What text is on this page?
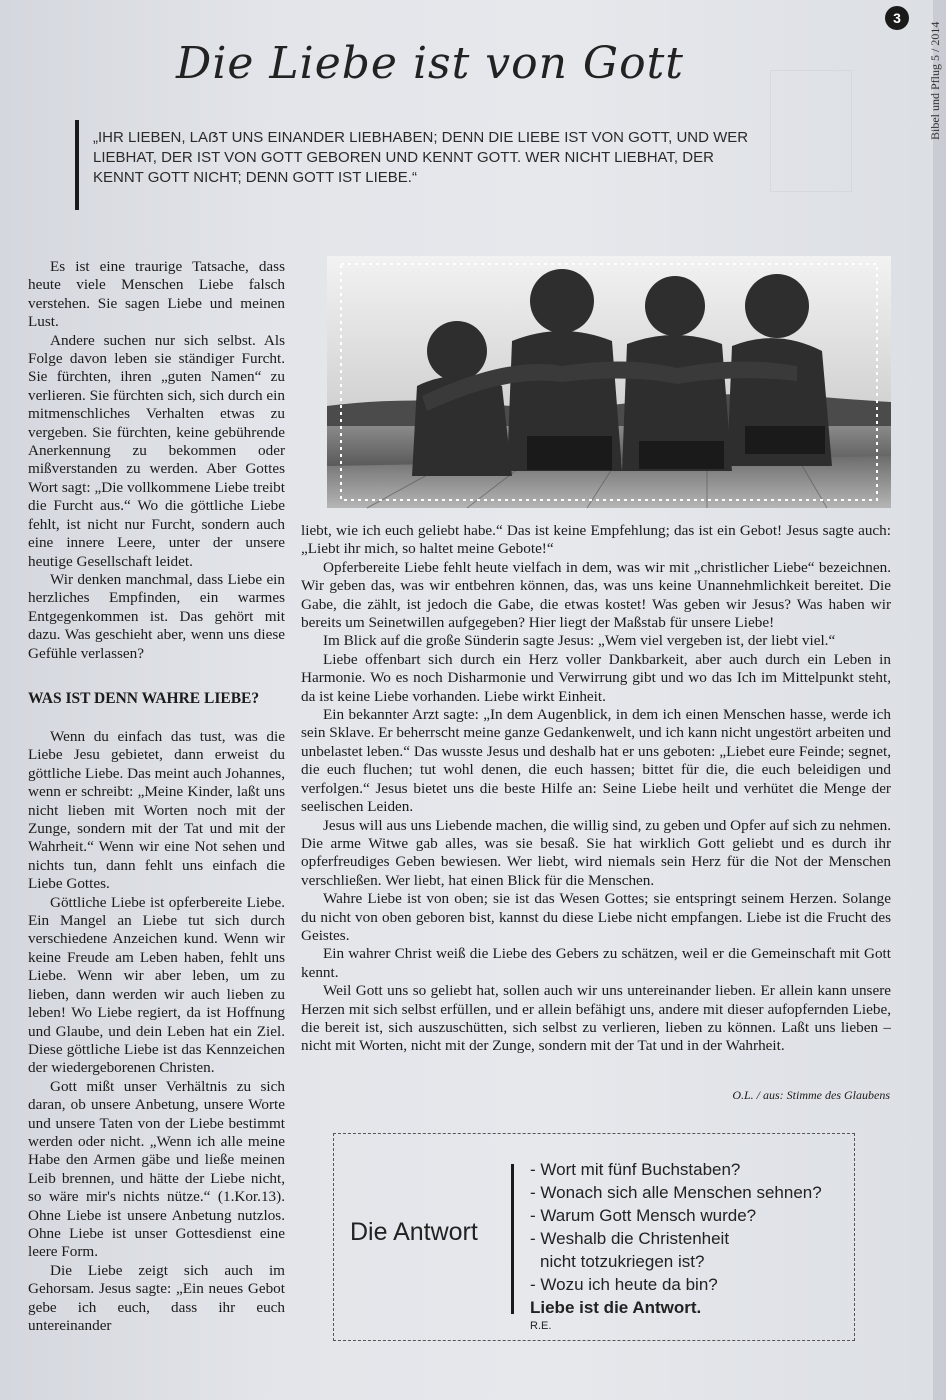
3
Bibel und Pflug 5 / 2014
Die Liebe ist von Gott

„IHR LIEBEN, LAẞT UNS EINANDER LIEBHABEN; DENN DIE LIEBE IST VON GOTT, UND WER LIEBHAT, DER IST VON GOTT GEBOREN UND KENNT GOTT. WER NICHT LIEBHAT, DER KENNT GOTT NICHT; DENN GOTT IST LIEBE.“

Es ist eine traurige Tatsache, dass heute viele Menschen Liebe falsch verstehen. Sie sagen Liebe und meinen Lust.

Andere suchen nur sich selbst. Als Folge davon leben sie ständiger Furcht. Sie fürchten, ihren „guten Namen“ zu verlieren. Sie fürchten sich, sich durch ein mitmenschliches Verhalten etwas zu vergeben. Sie fürchten, keine gebührende Anerkennung zu bekommen oder mißverstanden zu werden. Aber Gottes Wort sagt: „Die vollkommene Liebe treibt die Furcht aus.“ Wo die göttliche Liebe fehlt, ist nicht nur Furcht, sondern auch eine innere Leere, unter der unsere heutige Gesellschaft leidet.

Wir denken manchmal, dass Liebe ein herzliches Empfinden, ein warmes Entgegenkommen ist. Das gehört mit dazu. Was geschieht aber, wenn uns diese Gefühle verlassen?

WAS IST DENN WAHRE LIEBE?

Wenn du einfach das tust, was die Liebe Jesu gebietet, dann erweist du göttliche Liebe. Das meint auch Johannes, wenn er schreibt: „Meine Kinder, laßt uns nicht lieben mit Worten noch mit der Zunge, sondern mit der Tat und mit der Wahrheit.“ Wenn wir eine Not sehen und nichts tun, dann fehlt uns einfach die Liebe Gottes.

Göttliche Liebe ist opferbereite Liebe. Ein Mangel an Liebe tut sich durch verschiedene Anzeichen kund. Wenn wir keine Freude am Leben haben, fehlt uns Liebe. Wenn wir aber leben, um zu lieben, dann werden wir auch lieben zu leben! Wo Liebe regiert, da ist Hoffnung und Glaube, und dein Leben hat ein Ziel. Diese göttliche Liebe ist das Kennzeichen der wiedergeborenen Christen.

Gott mißt unser Verhältnis zu sich daran, ob unsere Anbetung, unsere Worte und unsere Taten von der Liebe bestimmt werden oder nicht. „Wenn ich alle meine Habe den Armen gäbe und ließe meinen Leib brennen, und hätte der Liebe nicht, so wäre mir's nichts nütze.“ (1.Kor.13). Ohne Liebe ist unsere Anbetung nutzlos. Ohne Liebe ist unser Gottesdienst eine leere Form.

Die Liebe zeigt sich auch im Gehorsam. Jesus sagte: „Ein neues Gebot gebe ich euch, dass ihr euch untereinander

liebt, wie ich euch geliebt habe.“ Das ist keine Empfehlung; das ist ein Gebot! Jesus sagte auch: „Liebt ihr mich, so haltet meine Gebote!“

Opferbereite Liebe fehlt heute vielfach in dem, was wir mit „christlicher Liebe“ bezeichnen. Wir geben das, was wir entbehren können, das, was uns keine Unannehmlichkeit bereitet. Die Gabe, die zählt, ist jedoch die Gabe, die etwas kostet! Was geben wir Jesus? Was haben wir bereits um Seinetwillen aufgegeben? Hier liegt der Maßstab für unsere Liebe!

Im Blick auf die große Sünderin sagte Jesus: „Wem viel vergeben ist, der liebt viel.“

Liebe offenbart sich durch ein Herz voller Dankbarkeit, aber auch durch ein Leben in Harmonie. Wo es noch Disharmonie und Verwirrung gibt und wo das Ich im Mittelpunkt steht, da ist keine Liebe vorhanden. Liebe wirkt Einheit.

Ein bekannter Arzt sagte: „In dem Augenblick, in dem ich einen Menschen hasse, werde ich sein Sklave. Er beherrscht meine ganze Gedankenwelt, und ich kann nicht ungestört arbeiten und unbelastet leben.“ Das wusste Jesus und deshalb hat er uns geboten: „Liebet eure Feinde; segnet, die euch fluchen; tut wohl denen, die euch hassen; bittet für die, die euch beleidigen und verfolgen.“ Jesus bietet uns die beste Hilfe an: Seine Liebe heilt und verhütet die Menge der seelischen Leiden.

Jesus will aus uns Liebende machen, die willig sind, zu geben und Opfer auf sich zu nehmen. Die arme Witwe gab alles, was sie besaß. Sie hat wirklich Gott geliebt und es durch ihr opferfreudiges Geben bewiesen. Wer liebt, wird niemals sein Herz für die Not der Menschen verschließen. Wer liebt, hat einen Blick für die Menschen.

Wahre Liebe ist von oben; sie ist das Wesen Gottes; sie entspringt seinem Herzen. Solange du nicht von oben geboren bist, kannst du diese Liebe nicht empfangen. Liebe ist die Frucht des Geistes.

Ein wahrer Christ weiß die Liebe des Gebers zu schätzen, weil er die Gemeinschaft mit Gott kennt.

Weil Gott uns so geliebt hat, sollen auch wir uns untereinander lieben. Er allein kann unsere Herzen mit sich selbst erfüllen, und er allein befähigt uns, andere mit dieser aufopfernden Liebe, die bereit ist, sich auszuschütten, sich selbst zu verlieren, lieben zu können. Laßt uns lieben – nicht mit Worten, nicht mit der Zunge, sondern mit der Tat und in der Wahrheit.

O.L. / aus: Stimme des Glaubens
Die Antwort
- Wort mit fünf Buchstaben?
- Wonach sich alle Menschen sehnen?
- Warum Gott Mensch wurde?
- Weshalb die Christenheit
nicht totzukriegen ist?
- Wozu ich heute da bin?
Liebe ist die Antwort.
R.E.
